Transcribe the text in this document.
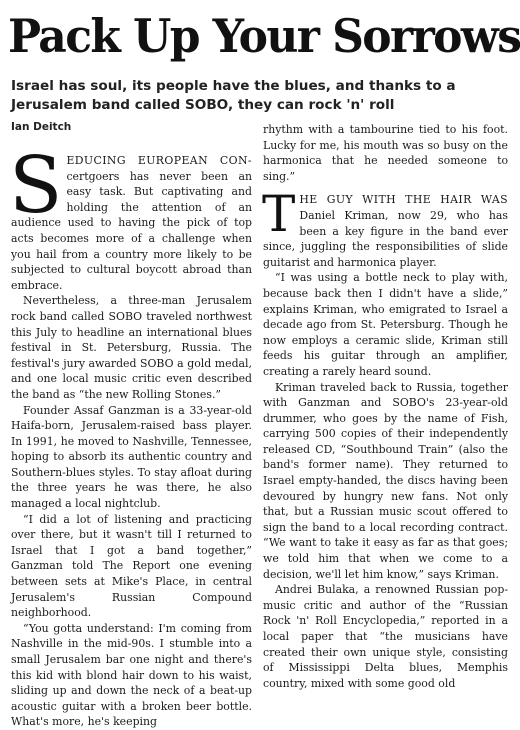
Pack Up Your Sorrows

Israel has soul, its people have the blues, and thanks to a Jerusalem band called SOBO, they can rock 'n' roll

Ian Deitch

SEDUCING EUROPEAN CON- certgoers has never been an easy task. But captivating and holding the attention of an audience used to having the pick of top acts becomes more of a challenge when you hail from a country more likely to be subjected to cultural boycott abroad than embrace.

Nevertheless, a three-man Jerusalem rock band called SOBO traveled northwest this July to headline an international blues festival in St. Petersburg, Russia. The festival's jury awarded SOBO a gold medal, and one local music critic even described the band as “the new Rolling Stones.”

Founder Assaf Ganzman is a 33-year-old Haifa-born, Jerusalem-raised bass player. In 1991, he moved to Nashville, Tennessee, hoping to absorb its authentic country and Southern-blues styles. To stay afloat during the three years he was there, he also managed a local nightclub.

“I did a lot of listening and practicing over there, but it wasn't till I returned to Israel that I got a band together,” Ganzman told The Report one evening between sets at Mike's Place, in central Jerusalem's Russian Compound neighborhood.

“You gotta understand: I'm coming from Nashville in the mid-90s. I stumble into a small Jerusalem bar one night and there's this kid with blond hair down to his waist, sliding up and down the neck of a beat-up acoustic guitar with a broken beer bottle. What's more, he's keeping

rhythm with a tambourine tied to his foot. Lucky for me, his mouth was so busy on the harmonica that he needed someone to sing.”

THE GUY WITH THE HAIR WAS Daniel Kriman, now 29, who has been a key figure in the band ever since, juggling the responsibilities of slide guitarist and harmonica player.

“I was using a bottle neck to play with, because back then I didn't have a slide,” explains Kriman, who emigrated to Israel a decade ago from St. Petersburg. Though he now employs a ceramic slide, Kriman still feeds his guitar through an amplifier, creating a rarely heard sound.

Kriman traveled back to Russia, together with Ganzman and SOBO's 23-year-old drummer, who goes by the name of Fish, carrying 500 copies of their independently released CD, “Southbound Train” (also the band's former name). They returned to Israel empty-handed, the discs having been devoured by hungry new fans. Not only that, but a Russian music scout offered to sign the band to a local recording contract. “We want to take it easy as far as that goes; we told him that when we come to a decision, we'll let him know,” says Kriman.

Andrei Bulaka, a renowned Russian pop-music critic and author of the “Russian Rock 'n' Roll Encyclopedia,” reported in a local paper that “the musicians have created their own unique style, consisting of Mississippi Delta blues, Memphis country, mixed with some good old
